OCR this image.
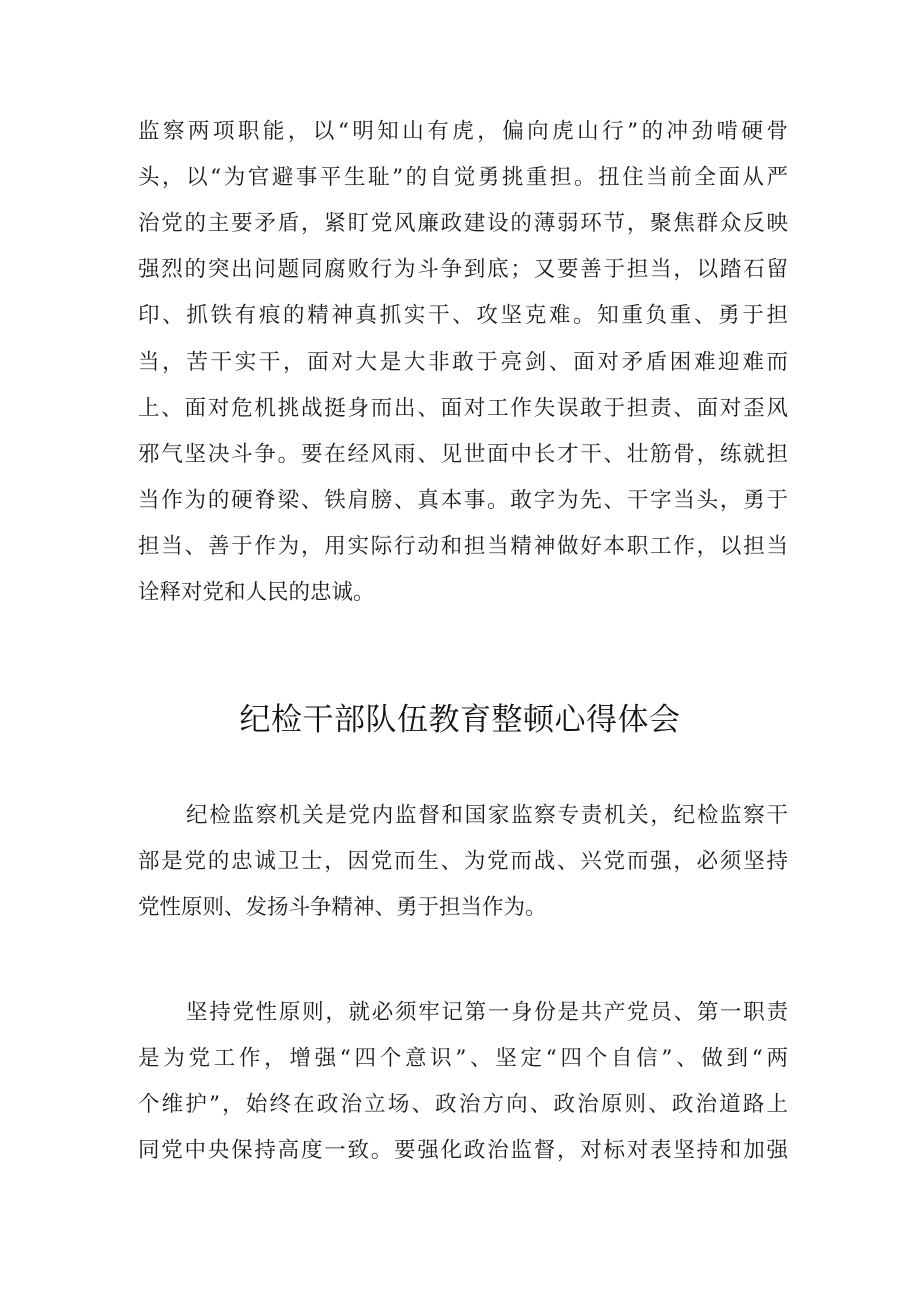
监察两项职能，以“明知山有虎，偏向虎山行”的冲劲啃硬骨
头，以“为官避事平生耻”的自觉勇挑重担。扭住当前全面从严
治党的主要矛盾，紧盯党风廉政建设的薄弱环节，聚焦群众反映
强烈的突出问题同腐败行为斗争到底；又要善于担当，以踏石留
印、抓铁有痕的精神真抓实干、攻坚克难。知重负重、勇于担
当，苦干实干，面对大是大非敢于亮剑、面对矛盾困难迎难而
上、面对危机挑战挺身而出、面对工作失误敢于担责、面对歪风
邪气坚决斗争。要在经风雨、见世面中长才干、壮筋骨，练就担
当作为的硬脊梁、铁肩膀、真本事。敢字为先、干字当头，勇于
担当、善于作为，用实际行动和担当精神做好本职工作，以担当
诠释对党和人民的忠诚。
纪检干部队伍教育整顿心得体会
纪检监察机关是党内监督和国家监察专责机关，纪检监察干
部是党的忠诚卫士，因党而生、为党而战、兴党而强，必须坚持
党性原则、发扬斗争精神、勇于担当作为。
坚持党性原则，就必须牢记第一身份是共产党员、第一职责
是为党工作，增强“四个意识”、坚定“四个自信”、做到“两
个维护”，始终在政治立场、政治方向、政治原则、政治道路上
同党中央保持高度一致。要强化政治监督，对标对表坚持和加强
